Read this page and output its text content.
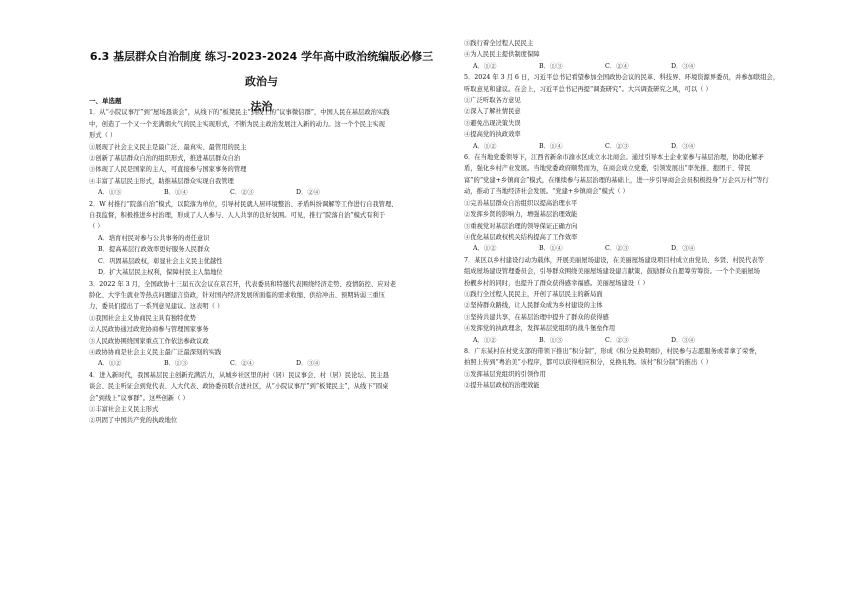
6.3 基层群众自治制度 练习-2023-2024 学年高中政治统编版必修三政治与
法治
一、单选题

1．从“小院议事厅”到“屋场恳谈会”，从线下的“板凳民主”到线上的“议事微信群”，中国人民在基层政治实践

中，创造了一个又一个充满烟火气的民主实现形式，不断为民主政治发展注入新的动力。这一个个民主实现

形式（ ）

①展现了社会主义民主是最广泛、最真实、最管用的民主

②创新了基层群众自治的组织形式，推进基层群众自治

③体现了人民是国家的主人，可直接参与国家事务的管理

④丰富了基层民主形式，助推基层群众实现自我管理

A．①③	B．①④	C．②③	D．②④

2．W 村推行“院落自治”模式，以院落为单位，引导村民就人居环境整治、矛盾纠纷调解等工作进行自我管理、

自我监督，积极推进乡村治理，形成了人人参与、人人共享的良好氛围。可见，推行“院落自治”模式有利于

（ ）

A．培育村民对参与公共事务的责任意识

B．提高基层行政效率更好服务人民群众

C．巩固基层政权，彰显社会主义民主优越性

D．扩大基层民主权利，保障村民主人翁地位

3．2022 年 3 月，全国政协十三届五次会议在京召开，代表委员和特邀代表围绕经济走势、疫情防控、应对老

龄化、大学生就业等热点问题建言资政，针对国内经济发展所面临的需求收缩、供给冲击、预期转弱三重压

力，委员们提出了一系列意见建议。这表明（ ）

①我国社会主义协商民主具有独特优势

②人民政协通过政党协商参与管理国家事务

③人民政协围绕国家重点工作依法参政议政

④政协协商是社会主义民主最广泛最深刻的实践

A．①②	B．①③	C．②④	D．③④

4．进入新时代，我国基层民主创新充满活力，从城乡社区里的村（居）民议事会、村（居）民论坛、民主恳

谈会、民主听证会到党代表、人大代表、政协委员联合进社区，从“小院议事厅”到“板凳民主”，从线下“圆桌

会”到线上“议事群”。这些创新（ ）

①丰富社会主义民主形式

②巩固了中国共产党的执政地位

③践行着全过程人民民主

④为人民民主提供制度保障

A．①②	B．①③	C．②④	D．③④

5．2024 年 3 月 6 日，习近平总书记看望参加全国政协会议的民革、科技界、环境资源界委员，并参加联组会，

听取意见和建议。在会上，习近平总书记再提“调查研究”。大兴调查研究之风，可以（ ）

①广泛听取各方意见

②深入了解社情民意

③避免出现决策失误

④提高党的执政效率

A．①②	B．①④	C．②③	D．③④

6．在当地党委领导下，江西省新余市渝水区成立水北商会。通过引导本土企业家参与基层治理，协助化解矛

盾，强化乡村产业发展。当地党委政府顺势而为，在商会成立党委，引领发展出“率先推、抱团干、带民

富”的“党建+乡镇商会”模式，在继续参与基层治理的基础上，进一步引导商会会员积极投身“万企兴万村”等行

动，推动了当地经济社会发展。“党建+乡镇商会”模式（ ）

①完善基层群众自治组织以提高治理水平

②发挥乡贤的影响力，增强基层治理效能

③重视党对基层治理的领导保证正确方向

④优化基层政权机关结构提高了工作效率

A．①②	B．①④	C．②③	D．③④

7．某区以乡村建设行动为载体，开展美丽屋场建设，在美丽屋场建设项目村成立由党员、乡贤、村民代表等

组成屋场建设管理委员会，引导群众围绕美丽屋场建设建言献策，鼓励群众自愿筹劳筹资。一个个美丽屋场

扮靓乡村的同时，也提升了群众获得感幸福感。美丽屋场建设（ ）

①践行全过程人民民主，开创了基层民主的新局面

②坚持群众路线，让人民群众成为乡村建设的主体

③坚持共建共享，在基层治理中提升了群众的获得感

④发挥党的执政理念，发挥基层党组织的战斗堡垒作用

A．①②	B．①③	C．②③	D．③④

8．广东某村在村党支部的带领下推出“积分制”，形成《积分兑换明细》，村民参与志愿服务或者拿了荣誉，

拍照上传到“粤治美”小程序，都可以获得相应积分，兑换礼物。该村“积分制”的推出（ ）

①发挥基层党组织的引领作用

②提升基层政权的治理效能
